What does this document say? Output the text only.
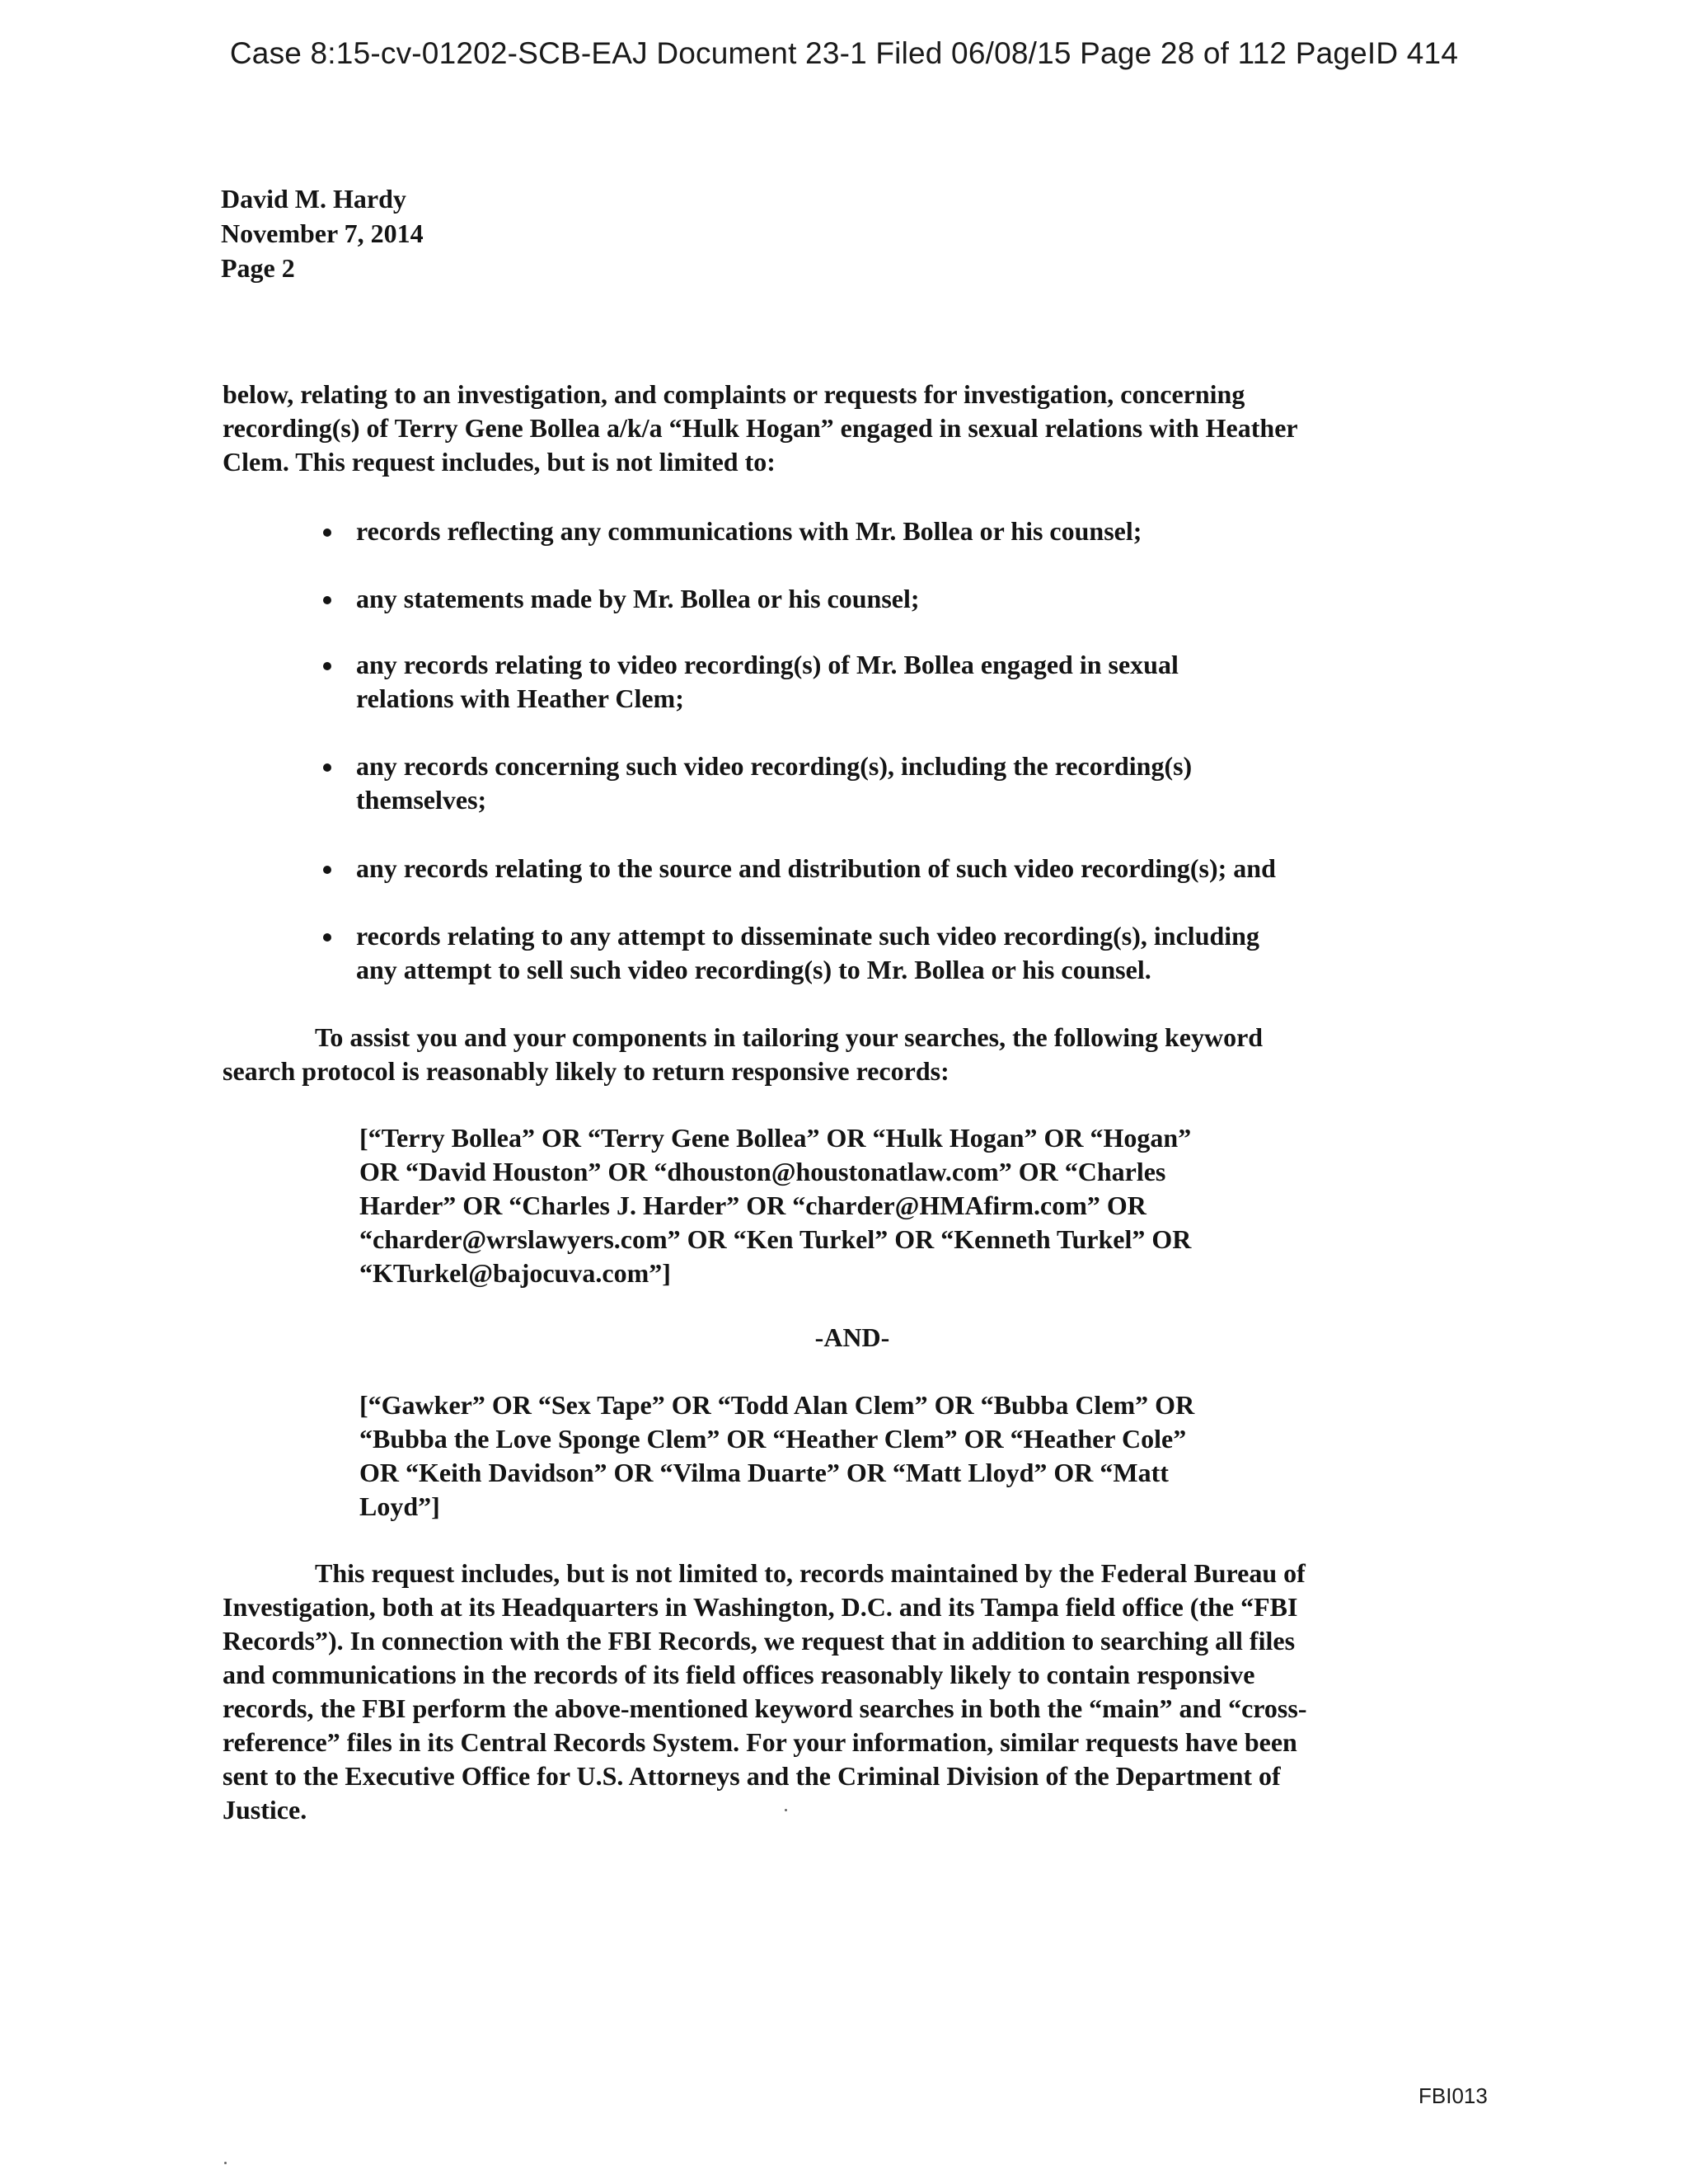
Case 8:15-cv-01202-SCB-EAJ Document 23-1 Filed 06/08/15 Page 28 of 112 PageID 414
David M. Hardy
November 7, 2014
Page 2

below, relating to an investigation, and complaints or requests for investigation, concerning
recording(s) of Terry Gene Bollea a/k/a “Hulk Hogan” engaged in sexual relations with Heather
Clem. This request includes, but is not limited to:

records reflecting any communications with Mr. Bollea or his counsel;
any statements made by Mr. Bollea or his counsel;
any records relating to video recording(s) of Mr. Bollea engaged in sexual
relations with Heather Clem;
any records concerning such video recording(s), including the recording(s)
themselves;
any records relating to the source and distribution of such video recording(s); and
records relating to any attempt to disseminate such video recording(s), including
any attempt to sell such video recording(s) to Mr. Bollea or his counsel.

To assist you and your components in tailoring your searches, the following keyword
search protocol is reasonably likely to return responsive records:

[“Terry Bollea” OR “Terry Gene Bollea” OR “Hulk Hogan” OR “Hogan”
OR “David Houston” OR “dhouston@houstonatlaw.com” OR “Charles
Harder” OR “Charles J. Harder” OR “charder@HMAfirm.com” OR
“charder@wrslawyers.com” OR “Ken Turkel” OR “Kenneth Turkel” OR
“KTurkel@bajocuva.com”]
-AND-
[“Gawker” OR “Sex Tape” OR “Todd Alan Clem” OR “Bubba Clem” OR
“Bubba the Love Sponge Clem” OR “Heather Clem” OR “Heather Cole”
OR “Keith Davidson” OR “Vilma Duarte” OR “Matt Lloyd” OR “Matt
Loyd”]

This request includes, but is not limited to, records maintained by the Federal Bureau of
Investigation, both at its Headquarters in Washington, D.C. and its Tampa field office (the “FBI
Records”). In connection with the FBI Records, we request that in addition to searching all files
and communications in the records of its field offices reasonably likely to contain responsive
records, the FBI perform the above-mentioned keyword searches in both the “main” and “cross-
reference” files in its Central Records System. For your information, similar requests have been
sent to the Executive Office for U.S. Attorneys and the Criminal Division of the Department of
Justice.

FBI013
